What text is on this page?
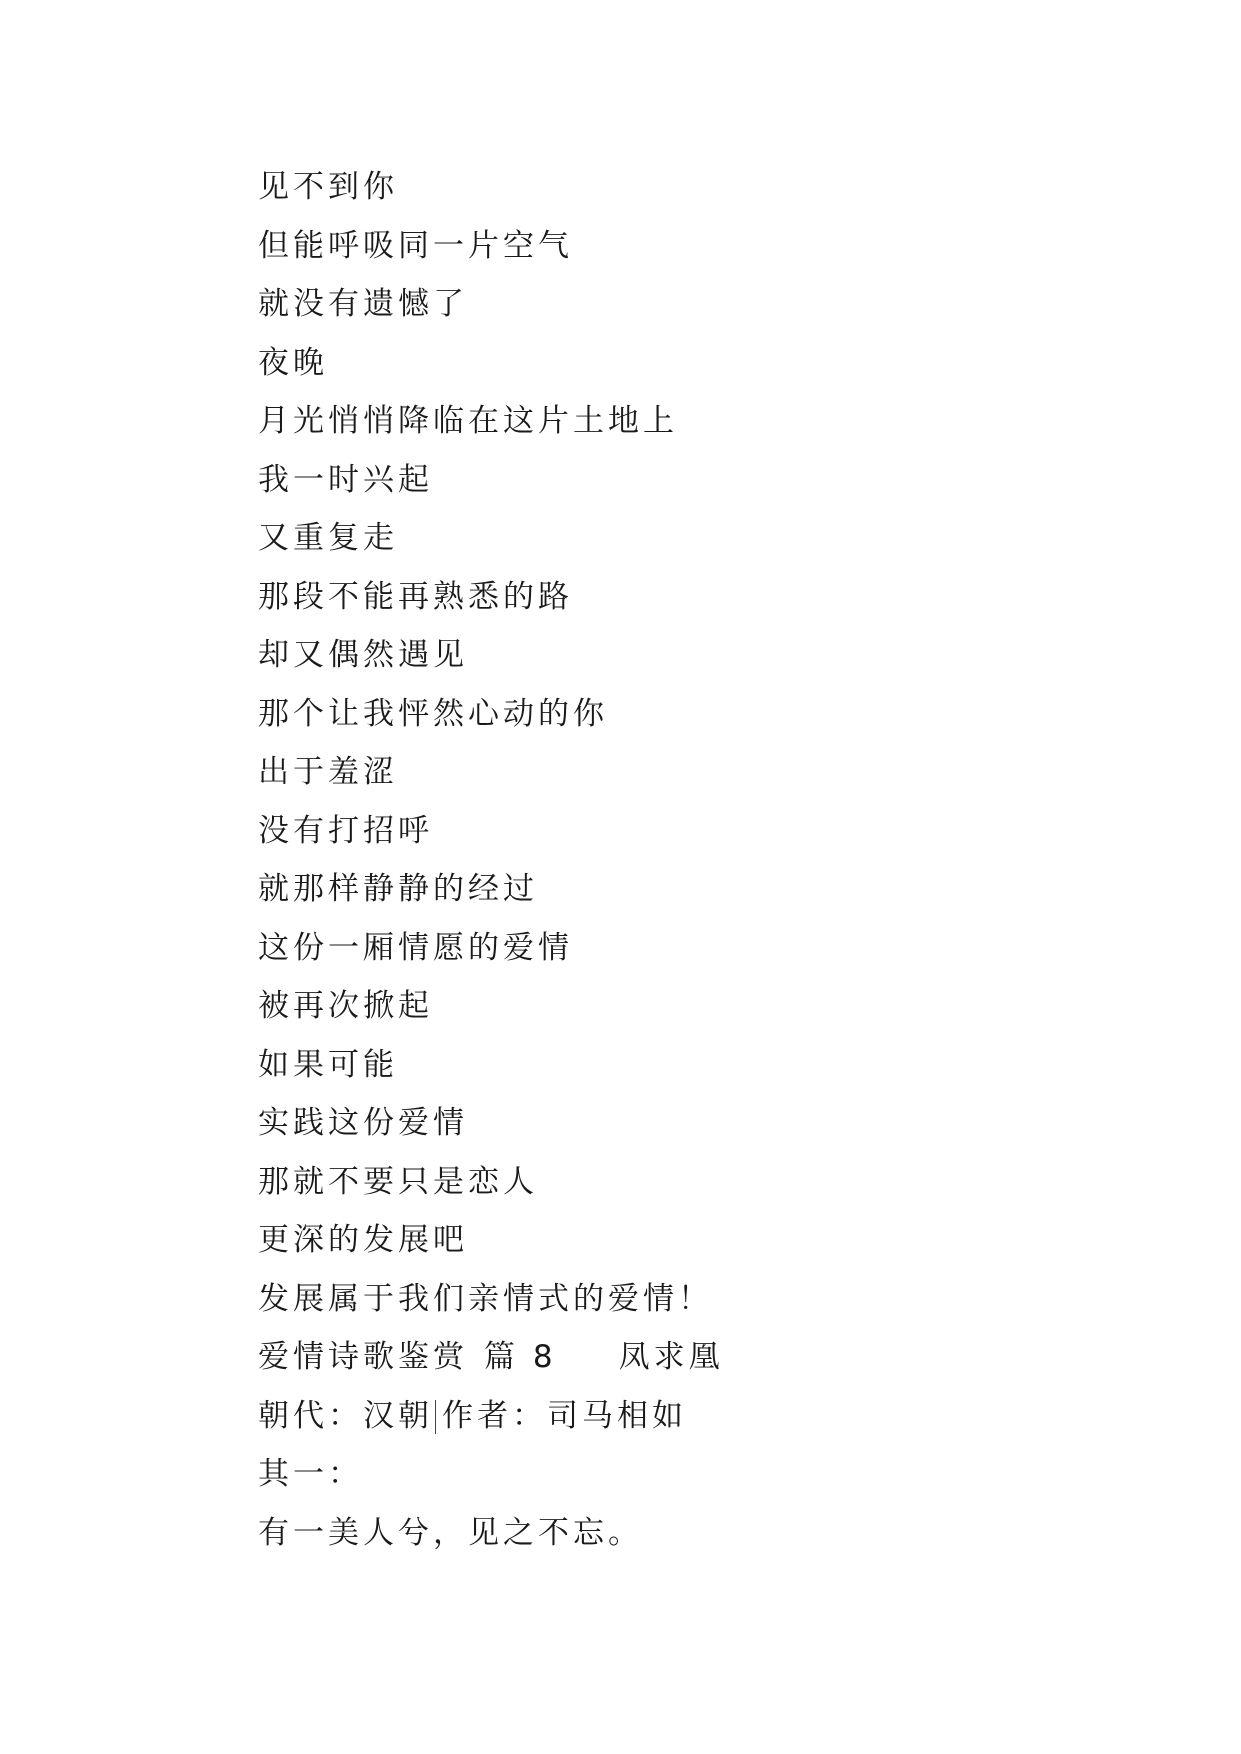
见不到你
但能呼吸同一片空气
就没有遗憾了
夜晚
月光悄悄降临在这片土地上
我一时兴起
又重复走
那段不能再熟悉的路
却又偶然遇见
那个让我怦然心动的你
出于羞涩
没有打招呼
就那样静静的经过
这份一厢情愿的爱情
被再次掀起
如果可能
实践这份爱情
那就不要只是恋人
更深的发展吧
发展属于我们亲情式的爱情！
爱情诗歌鉴赏 篇 8 凤求凰
朝代：汉朝 作者：司马相如
其一：
有一美人兮，见之不忘。
